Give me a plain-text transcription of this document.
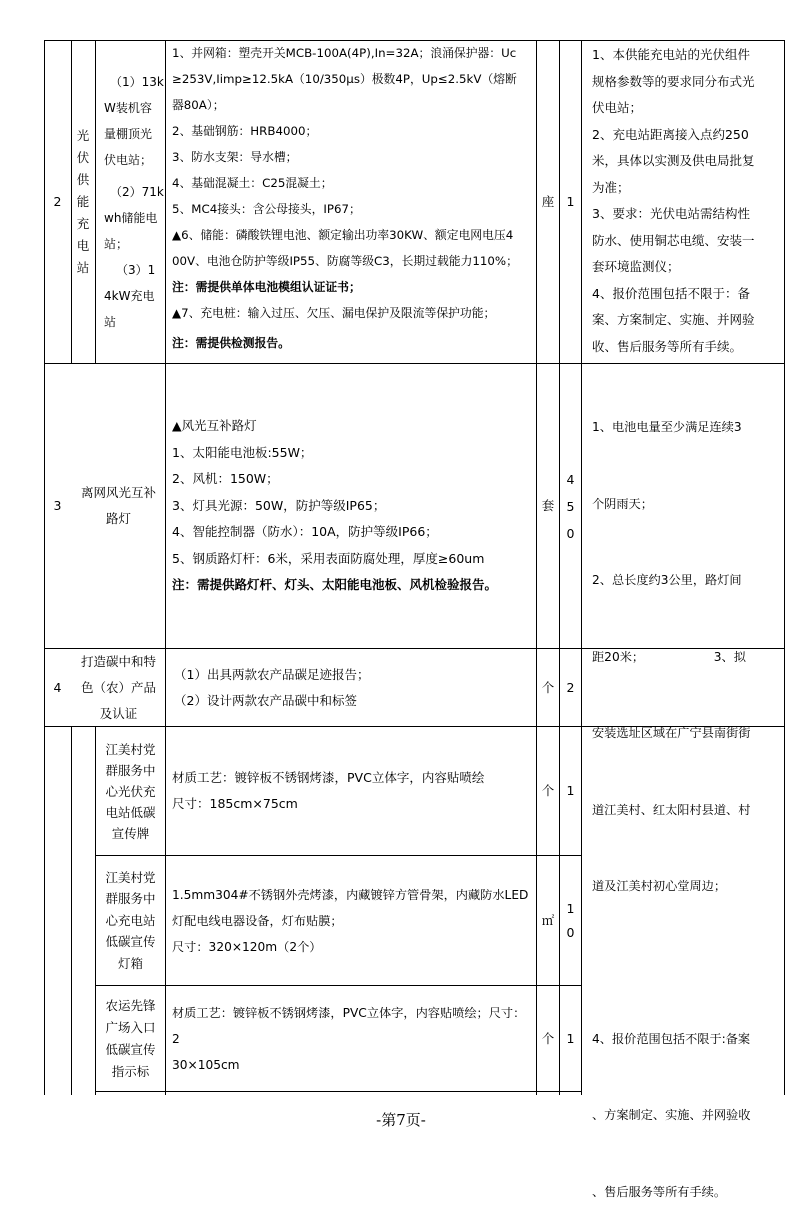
2
光
伏
供
能
充
电
站
（1）13k
W装机容
量棚顶光
伏电站；
（2）71k
wh储能电
站；
（3）1
4kW充电
站
1、并网箱：塑壳开关MCB-100A(4P),In=32A；浪涌保护器：Uc
≥253V,Iimp≥12.5kA（10/350μs）极数4P，Up≤2.5kV（熔断
器80A）；
2、基础钢筋：HRB4000；
3、防水支架：导水槽；
4、基础混凝土：C25混凝土；
5、MC4接头：含公母接头，IP67；
▲6、储能：磷酸铁锂电池、额定输出功率30KW、额定电网电压4
00V、电池仓防护等级IP55、防腐等级C3，长期过载能力110%；
注：需提供单体电池模组认证证书；
▲7、充电桩：输入过压、欠压、漏电保护及限流等保护功能；
注：需提供检测报告。
座 1
1、本供能充电站的光伏组件
规格参数等的要求同分布式光
伏电站；
2、充电站距离接入点约250
米，具体以实测及供电局批复
为准；
3、要求：光伏电站需结构性
防水、使用铜芯电缆、安装一
套环境监测仪；
4、报价范围包括不限于：备
案、方案制定、实施、并网验
收、售后服务等所有手续。
3
离网风光互补
路灯
▲风光互补路灯
1、太阳能电池板:55W；
2、风机：150W；
3、灯具光源：50W，防护等级IP65；
4、智能控制器（防水）：10A，防护等级IP66；
5、钢质路灯杆：6米，采用表面防腐处理，厚度≥60um
注：需提供路灯杆、灯头、太阳能电池板、风机检验报告。
套
4
5
0

1、电池电量至少满足连续3

个阴雨天；

2、总长度约3公里，路灯间

距20米；                  3、拟

安装选址区域在广宁县南街街

道江美村、红太阳村县道、村

道及江美村初心堂周边；

4、报价范围包括不限于:备案

、方案制定、实施、并网验收

、售后服务等所有手续。

4
打造碳中和特
色（农）产品
及认证
（1）出具两款农产品碳足迹报告；
（2）设计两款农产品碳中和标签
个 2
江美村党
群服务中
心光伏充
电站低碳
宣传牌
材质工艺：镀锌板不锈钢烤漆，PVC立体字，内容贴喷绘
尺寸：185cm×75cm
个 1
江美村党
群服务中
心充电站
低碳宣传
灯箱
1.5mm304#不锈钢外壳烤漆，内藏镀锌方管骨架，内藏防水LED
灯配电线电器设备，灯布贴膜；
尺寸：320×120m（2个）
㎡
1
0
农运先锋
广场入口
低碳宣传
指示标
材质工艺：镀锌板不锈钢烤漆，PVC立体字，内容贴喷绘；尺寸：2
30×105cm
个 1
-第7页-
